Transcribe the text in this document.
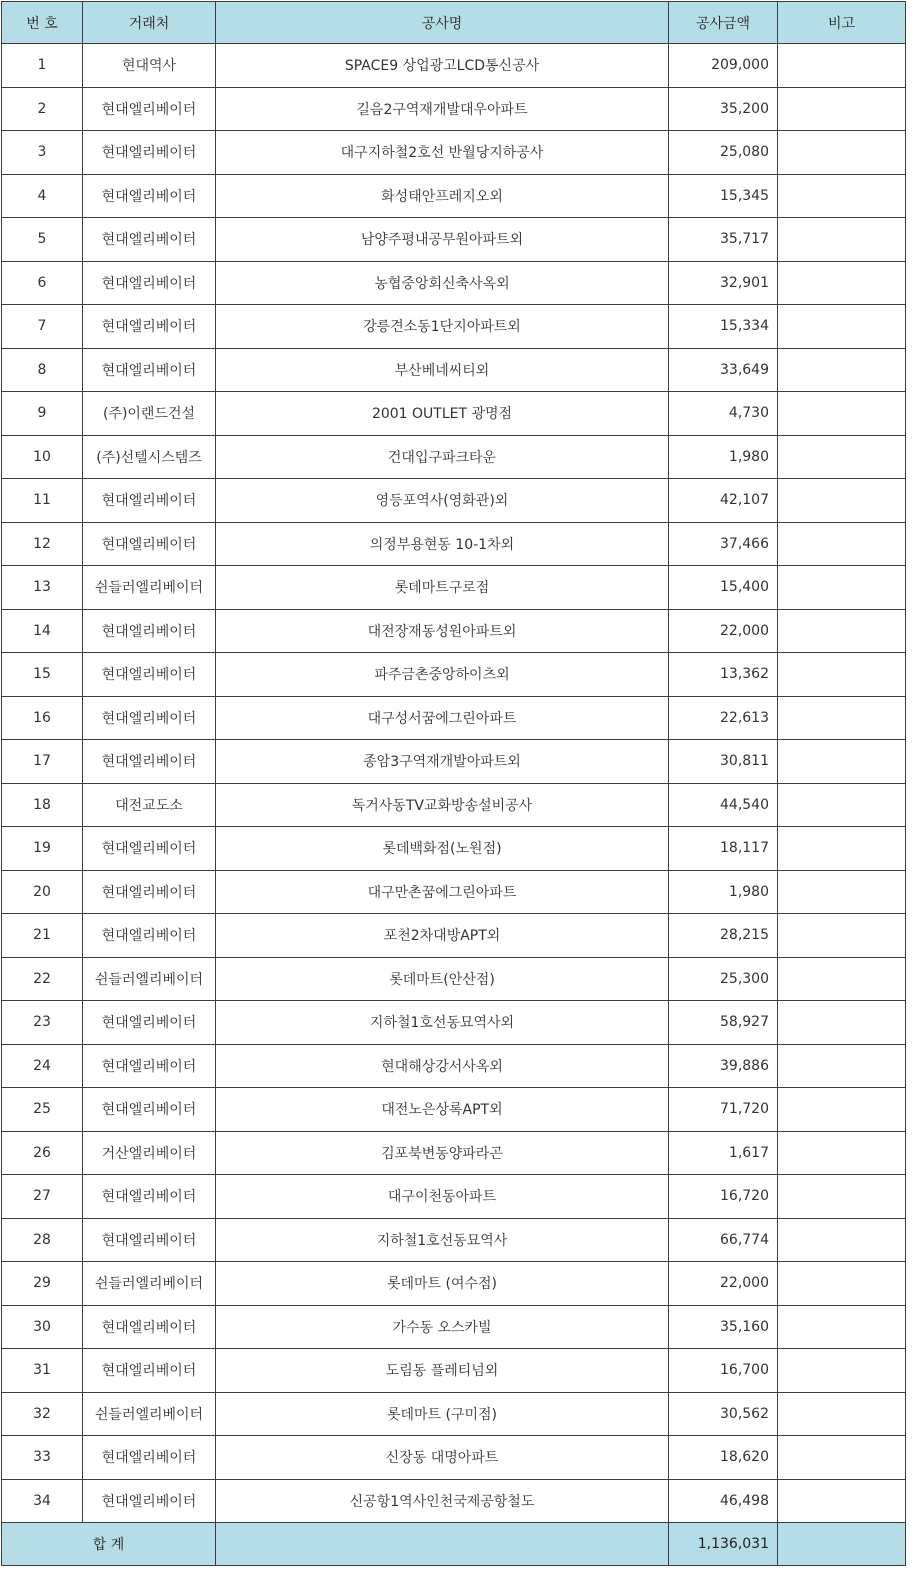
번 호	거래처	공사명	공사금액	비고
1	현대역사	SPACE9 상업광고LCD통신공사	209,000	
2	현대엘리베이터	길음2구역재개발대우아파트	35,200	
3	현대엘리베이터	대구지하철2호선 반월당지하공사	25,080	
4	현대엘리베이터	화성태안프레지오외	15,345	
5	현대엘리베이터	남양주평내공무원아파트외	35,717	
6	현대엘리베이터	농협중앙회신축사옥외	32,901	
7	현대엘리베이터	강릉견소동1단지아파트외	15,334	
8	현대엘리베이터	부산베네씨티외	33,649	
9	(주)이랜드건설	2001 OUTLET 광명점	4,730	
10	(주)선텔시스템즈	건대입구파크타운	1,980	
11	현대엘리베이터	영등포역사(영화관)외	42,107	
12	현대엘리베이터	의정부용현동 10-1차외	37,466	
13	쉰들러엘리베이터	롯데마트구로점	15,400	
14	현대엘리베이터	대전장재동성원아파트외	22,000	
15	현대엘리베이터	파주금촌중앙하이츠외	13,362	
16	현대엘리베이터	대구성서꿈에그린아파트	22,613	
17	현대엘리베이터	종암3구역재개발아파트외	30,811	
18	대전교도소	독거사동TV교화방송설비공사	44,540	
19	현대엘리베이터	롯데백화점(노원점)	18,117	
20	현대엘리베이터	대구만촌꿈에그린아파트	1,980	
21	현대엘리베이터	포천2차대방APT외	28,215	
22	쉰들러엘리베이터	롯데마트(안산점)	25,300	
23	현대엘리베이터	지하철1호선동묘역사외	58,927	
24	현대엘리베이터	현대해상강서사옥외	39,886	
25	현대엘리베이터	대전노은상록APT외	71,720	
26	거산엘리베이터	김포북변동양파라곤	1,617	
27	현대엘리베이터	대구이천동아파트	16,720	
28	현대엘리베이터	지하철1호선동묘역사	66,774	
29	쉰들러엘리베이터	롯데마트 (여수점)	22,000	
30	현대엘리베이터	가수동 오스카빌	35,160	
31	현대엘리베이터	도림동 플레티넘외	16,700	
32	쉰들러엘리베이터	롯데마트 (구미점)	30,562	
33	현대엘리베이터	신장동 대명아파트	18,620	
34	현대엘리베이터	신공항1역사인천국제공항철도	46,498	
합 계			1,136,031	
